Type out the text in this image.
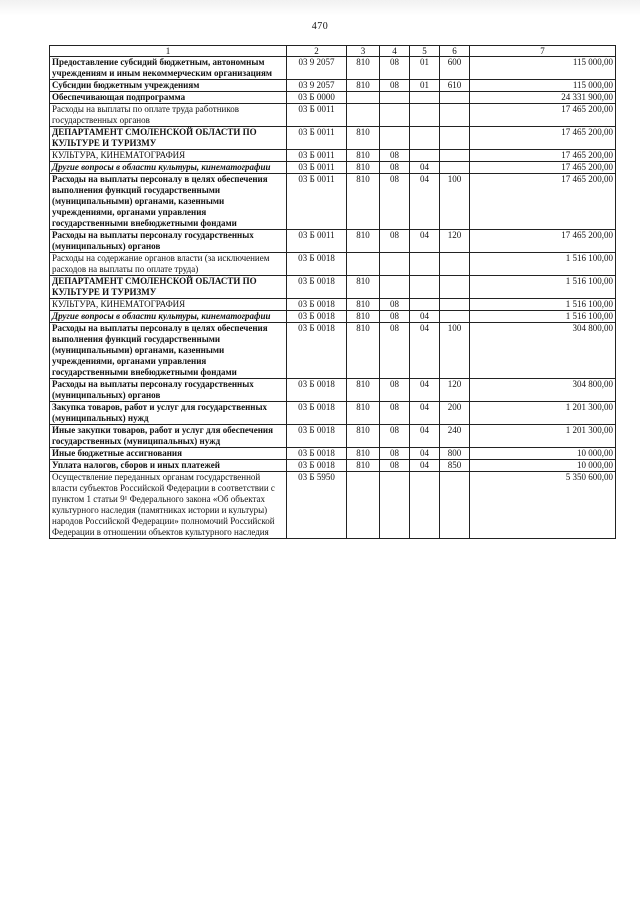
470
1	2	3	4	5	6	7
Предоставление субсидий бюджетным, автономным учреждениям и иным некоммерческим организациям	03 9 2057	810	08	01	600	115 000,00
Субсидии бюджетным учреждениям	03 9 2057	810	08	01	610	115 000,00
Обеспечивающая подпрограмма	03 Б 0000					24 331 900,00
Расходы на выплаты по оплате труда работников государственных органов	03 Б 0011					17 465 200,00
ДЕПАРТАМЕНТ СМОЛЕНСКОЙ ОБЛАСТИ ПО КУЛЬТУРЕ И ТУРИЗМУ	03 Б 0011	810				17 465 200,00
КУЛЬТУРА, КИНЕМАТОГРАФИЯ	03 Б 0011	810	08			17 465 200,00
Другие вопросы в области культуры, кинематографии	03 Б 0011	810	08	04		17 465 200,00
Расходы на выплаты персоналу в целях обеспечения выполнения функций государственными (муниципальными) органами, казенными учреждениями, органами управления государственными внебюджетными фондами	03 Б 0011	810	08	04	100	17 465 200,00
Расходы на выплаты персоналу государственных (муниципальных) органов	03 Б 0011	810	08	04	120	17 465 200,00
Расходы на содержание органов власти (за исключением расходов на выплаты по оплате труда)	03 Б 0018					1 516 100,00
ДЕПАРТАМЕНТ СМОЛЕНСКОЙ ОБЛАСТИ ПО КУЛЬТУРЕ И ТУРИЗМУ	03 Б 0018	810				1 516 100,00
КУЛЬТУРА, КИНЕМАТОГРАФИЯ	03 Б 0018	810	08			1 516 100,00
Другие вопросы в области культуры, кинематографии	03 Б 0018	810	08	04		1 516 100,00
Расходы на выплаты персоналу в целях обеспечения выполнения функций государственными (муниципальными) органами, казенными учреждениями, органами управления государственными внебюджетными фондами	03 Б 0018	810	08	04	100	304 800,00
Расходы на выплаты персоналу государственных (муниципальных) органов	03 Б 0018	810	08	04	120	304 800,00
Закупка товаров, работ и услуг для государственных (муниципальных) нужд	03 Б 0018	810	08	04	200	1 201 300,00
Иные закупки товаров, работ и услуг для обеспечения государственных (муниципальных) нужд	03 Б 0018	810	08	04	240	1 201 300,00
Иные бюджетные ассигнования	03 Б 0018	810	08	04	800	10 000,00
Уплата налогов, сборов и иных платежей	03 Б 0018	810	08	04	850	10 000,00
Осуществление переданных органам государственной власти субъектов Российской Федерации в соответствии с пунктом 1 статьи 9¹ Федерального закона «Об объектах культурного наследия (памятниках истории и культуры) народов Российской Федерации» полномочий Российской Федерации в отношении объектов культурного наследия	03 Б 5950					5 350 600,00
